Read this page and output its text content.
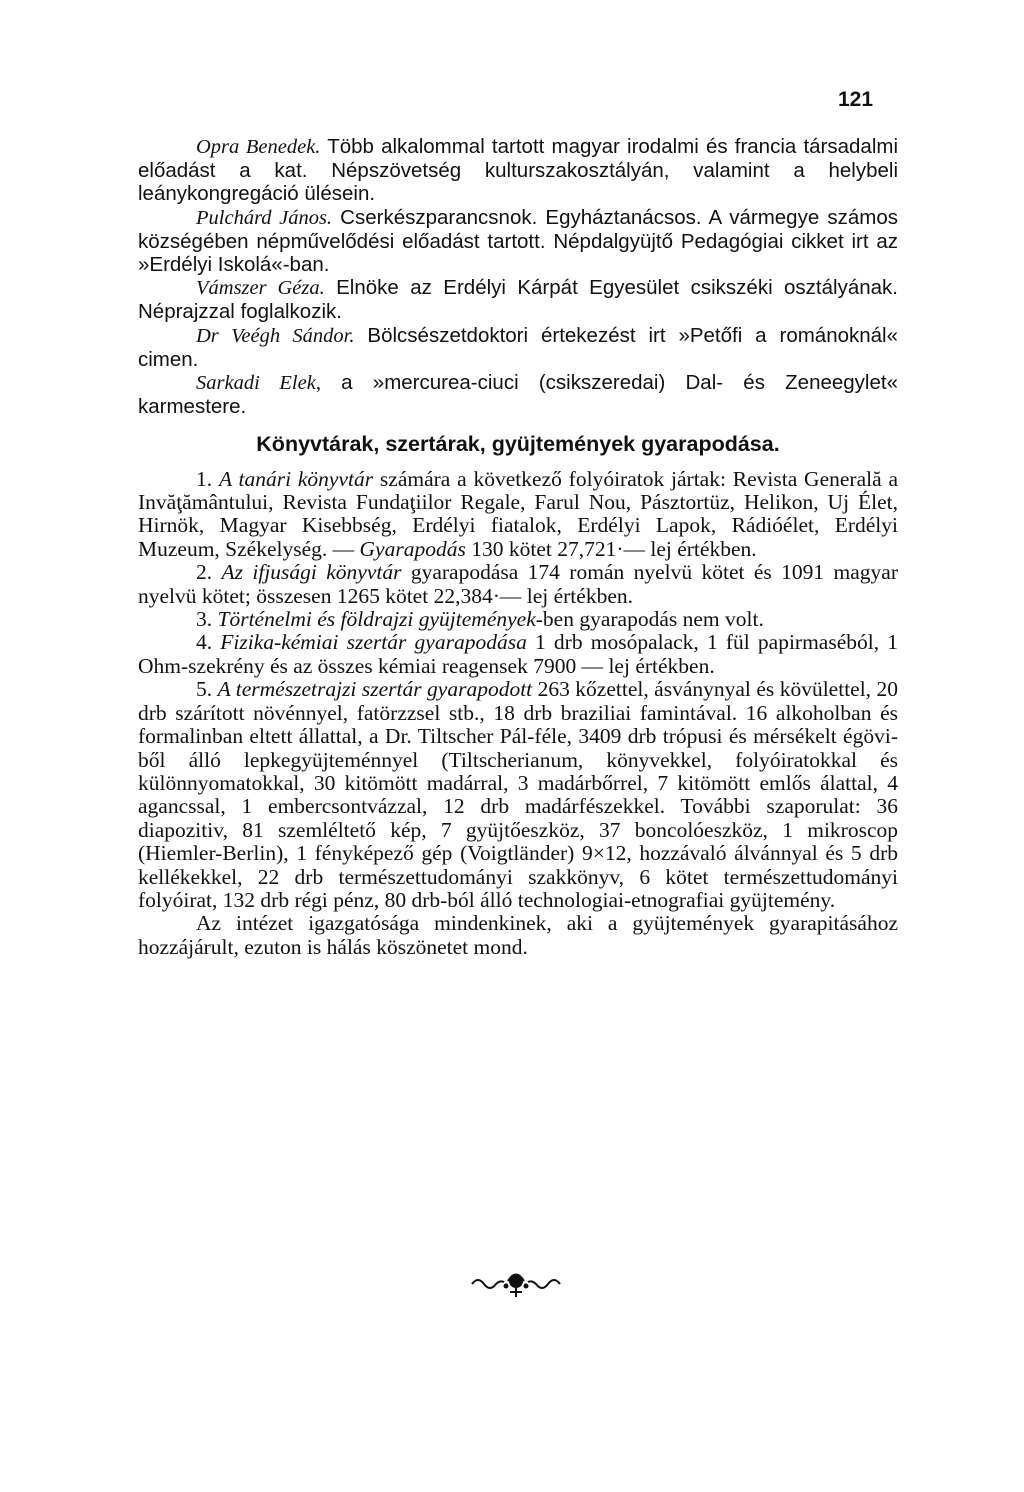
121

Opra Benedek. Több alkalommal tartott magyar irodalmi és francia társadalmi előadást a kat. Népszövetség kulturszakosztályán, valamint a helybeli leánykongregáció ülésein.

Pulchárd János. Cserkészparancsnok. Egyháztanácsos. A vármegye számos községében népművelődési előadást tartott. Népdalgyüjtő Pedagógiai cikket irt az »Erdélyi Iskolá«-ban.

Vámszer Géza. Elnöke az Erdélyi Kárpát Egyesület csikszéki osztályának. Néprajzzal foglalkozik.

Dr Veégh Sándor. Bölcsészetdoktori értekezést irt »Petőfi a románoknál« cimen.

Sarkadi Elek, a »mercurea-ciuci (csikszeredai) Dal- és Zeneegylet« karmestere.

Könyvtárak, szertárak, gyüjtemények gyarapodása.

1. A tanári könyvtár számára a következő folyóiratok jártak: Revista Generală a Invăţământului, Revista Fundaţiilor Regale, Farul Nou, Pásztortüz, Helikon, Uj Élet, Hirnök, Magyar Kisebbség, Erdélyi fiatalok, Erdélyi Lapok, Rádióélet, Erdélyi Muzeum, Székelység. — Gyarapodás 130 kötet 27,721·— lej értékben.

2. Az ifjusági könyvtár gyarapodása 174 román nyelvü kötet és 1091 magyar nyelvü kötet; összesen 1265 kötet 22,384·— lej értékben.

3. Történelmi és földrajzi gyüjtemények-ben gyarapodás nem volt.

4. Fizika-kémiai szertár gyarapodása 1 drb mosópalack, 1 fül papirmaséból, 1 Ohm-szekrény és az összes kémiai reagensek 7900 — lej értékben.

5. A természetrajzi szertár gyarapodott 263 kőzettel, ásványnyal és kövülettel, 20 drb szárított növénnyel, fatörzzsel stb., 18 drb braziliai famintával. 16 alkoholban és formalinban eltett állattal, a Dr. Tiltscher Pál-féle, 3409 drb trópusi és mérsékelt égöviből álló lepkegyüjteménnyel (Tiltscherianum, könyvekkel, folyóiratokkal és különnyomatokkal, 30 kitömött madárral, 3 madárbőrrel, 7 kitömött emlős álattal, 4 agancssal, 1 embercsontvázzal, 12 drb madárfészekkel. További szaporulat: 36 diapozitiv, 81 szemléltető kép, 7 gyüjtőeszköz, 37 boncolóeszköz, 1 mikroscop (Hiemler-Berlin), 1 fényképező gép (Voigtländer) 9×12, hozzávaló álvánnyal és 5 drb kellékekkel, 22 drb természettudományi szakkönyv, 6 kötet természettudományi folyóirat, 132 drb régi pénz, 80 drb-ból álló technologiai-etnografiai gyüjtemény.

Az intézet igazgatósága mindenkinek, aki a gyüjtemények gyarapitásához hozzájárult, ezuton is hálás köszönetet mond.
